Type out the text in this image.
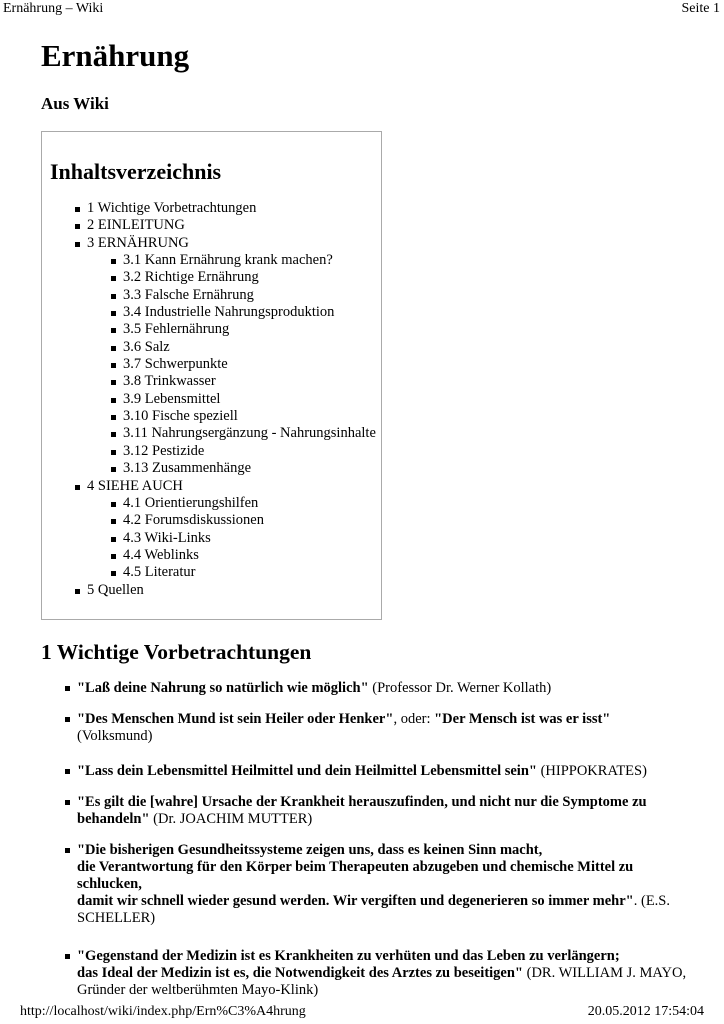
Ernährung – Wiki	Seite 1
Ernährung
Aus Wiki
Inhaltsverzeichnis
1 Wichtige Vorbetrachtungen
2 EINLEITUNG
3 ERNÄHRUNG
3.1 Kann Ernährung krank machen?
3.2 Richtige Ernährung
3.3 Falsche Ernährung
3.4 Industrielle Nahrungsproduktion
3.5 Fehlernährung
3.6 Salz
3.7 Schwerpunkte
3.8 Trinkwasser
3.9 Lebensmittel
3.10 Fische speziell
3.11 Nahrungsergänzung - Nahrungsinhalte
3.12 Pestizide
3.13 Zusammenhänge
4 SIEHE AUCH
4.1 Orientierungshilfen
4.2 Forumsdiskussionen
4.3 Wiki-Links
4.4 Weblinks
4.5 Literatur
5 Quellen
1 Wichtige Vorbetrachtungen
"Laß deine Nahrung so natürlich wie möglich" (Professor Dr. Werner Kollath)
"Des Menschen Mund ist sein Heiler oder Henker", oder: "Der Mensch ist was er isst" (Volksmund)
"Lass dein Lebensmittel Heilmittel und dein Heilmittel Lebensmittel sein" (HIPPOKRATES)
"Es gilt die [wahre] Ursache der Krankheit herauszufinden, und nicht nur die Symptome zu behandeln" (Dr. JOACHIM MUTTER)
"Die bisherigen Gesundheitssysteme zeigen uns, dass es keinen Sinn macht,
die Verantwortung für den Körper beim Therapeuten abzugeben und chemische Mittel zu schlucken,
damit wir schnell wieder gesund werden. Wir vergiften und degenerieren so immer mehr". (E.S. SCHELLER)
"Gegenstand der Medizin ist es Krankheiten zu verhüten und das Leben zu verlängern;
das Ideal der Medizin ist es, die Notwendigkeit des Arztes zu beseitigen" (DR. WILLIAM J. MAYO, Gründer der weltberühmten Mayo-Klink)
http://localhost/wiki/index.php/Ern%C3%A4hrung	20.05.2012 17:54:04
